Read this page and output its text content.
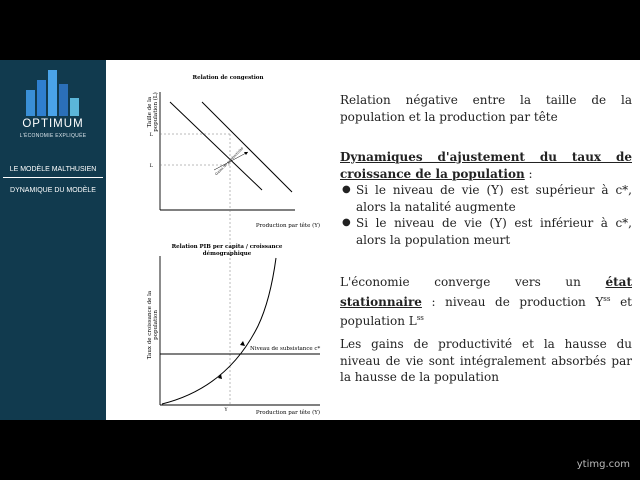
OPTIMUM
L'ÉCONOMIE EXPLIQUÉE
LE MODÈLE MALTHUSIEN
DYNAMIQUE DU MODÈLE
Relation de congestion
Taille de la population (L)
Gains de productivité
L
L
Production par tête (Y)
Relation PIB per capita / croissance
démographique
Taux de croissance de la population
Niveau de subsistance c*
Y	Production par tête (Y)
Relation négative entre la taille de la population et la production par tête
Dynamiques d'ajustement du taux de croissance de la population :
● Si le niveau de vie (Y) est supérieur à c*, alors la natalité augmente
● Si le niveau de vie (Y) est inférieur à c*, alors la population meurt
L'économie converge vers un état stationnaire : niveau de production $Y^{ss}$ et population $L^{ss}$
Les gains de productivité et la hausse du niveau de vie sont intégralement absorbés par la hausse de la population
ytimg.com
